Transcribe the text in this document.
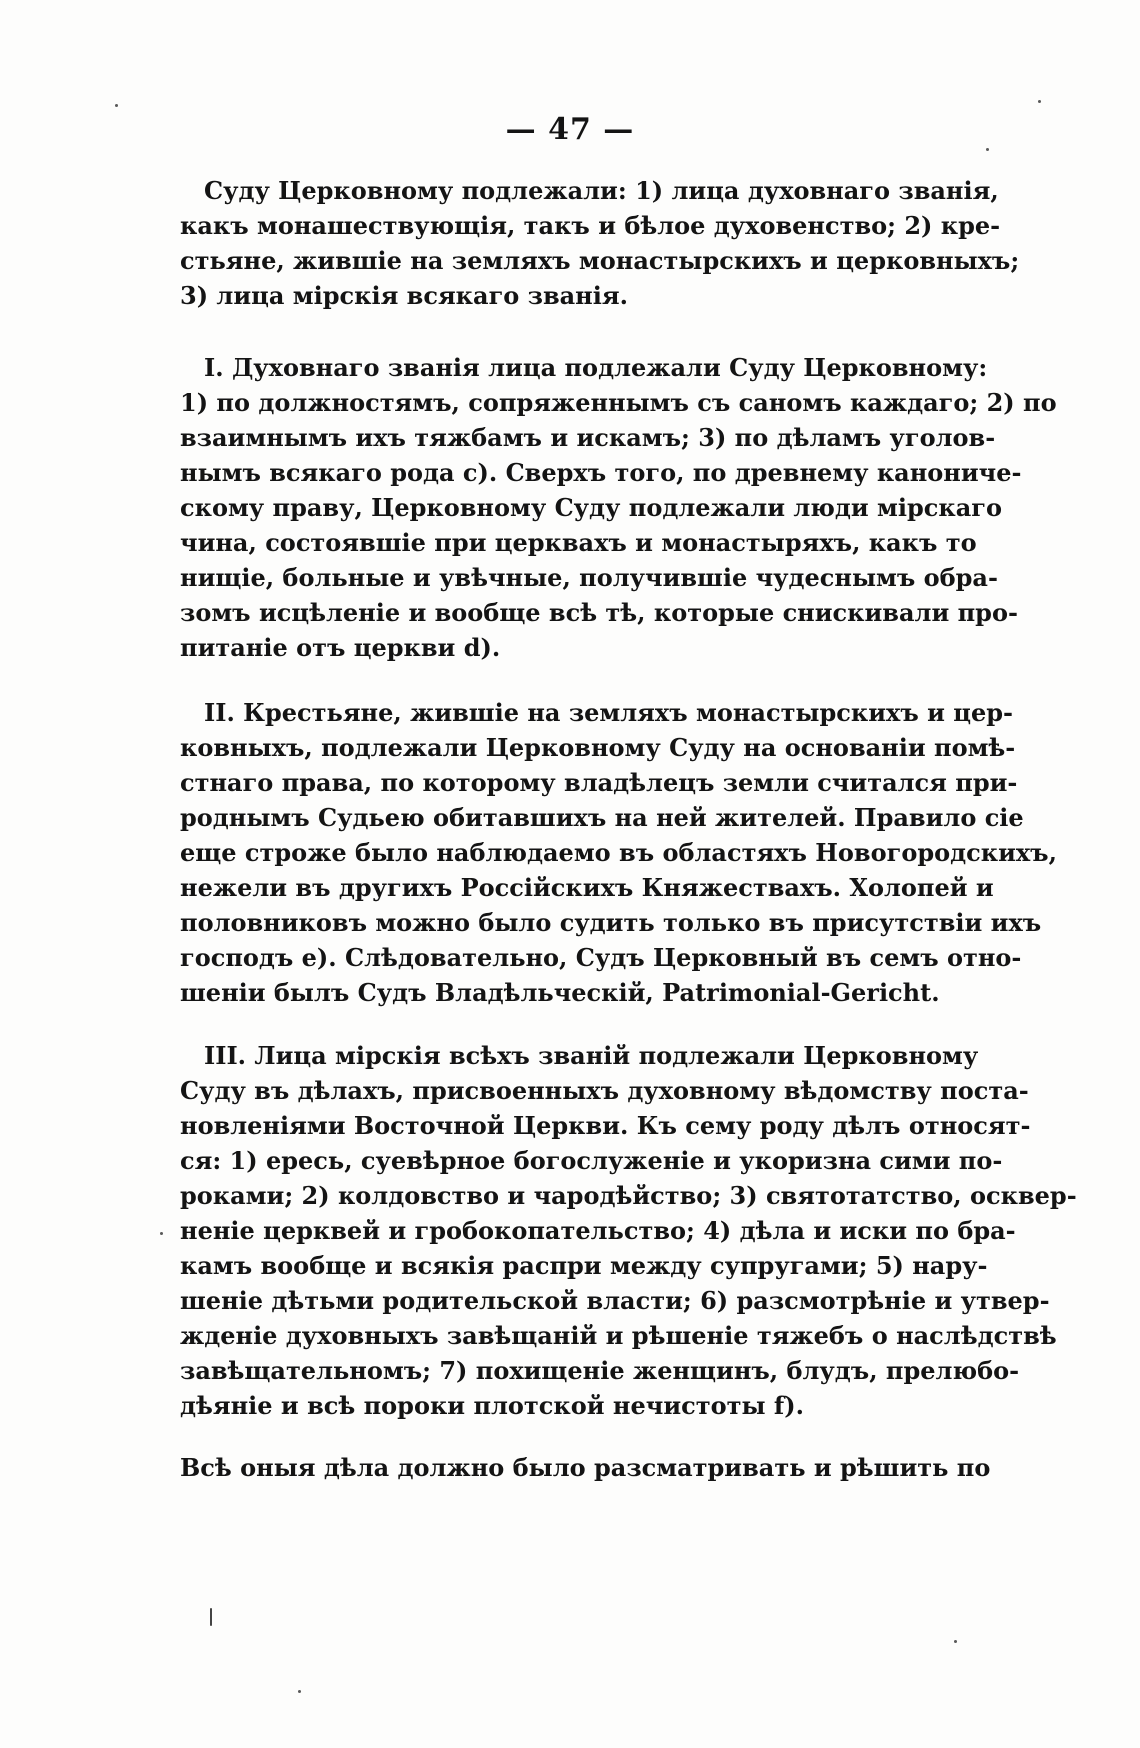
— 47 —
Суду Церковному подлежали: 1) лица духовнаго званія,
какъ монашествующія, такъ и бѣлое духовенство; 2) кре-
стьяне, жившіе на земляхъ монастырскихъ и церковныхъ;
3) лица мірскія всякаго званія.
I. Духовнаго званія лица подлежали Суду Церковному:
1) по должностямъ, сопряженнымъ съ саномъ каждаго; 2) по
взаимнымъ ихъ тяжбамъ и искамъ; 3) по дѣламъ уголов-
нымъ всякаго рода c). Сверхъ того, по древнему канониче-
скому праву, Церковному Суду подлежали люди мірскаго
чина, состоявшіе при церквахъ и монастыряхъ, какъ то
нищіе, больные и увѣчные, получившіе чудеснымъ обра-
зомъ исцѣленіе и вообще всѣ тѣ, которые снискивали про-
питаніе отъ церкви d).
II. Крестьяне, жившіе на земляхъ монастырскихъ и цер-
ковныхъ, подлежали Церковному Суду на основаніи помѣ-
стнаго права, по которому владѣлецъ земли считался при-
роднымъ Судьею обитавшихъ на ней жителей. Правило сіе
еще строже было наблюдаемо въ областяхъ Новогородскихъ,
нежели въ другихъ Россійскихъ Княжествахъ. Холопей и
половниковъ можно было судить только въ присутствіи ихъ
господъ e). Слѣдовательно, Судъ Церковный въ семъ отно-
шеніи былъ Судъ Владѣльческій, Patrimonial-Gericht.
III. Лица мірскія всѣхъ званій подлежали Церковному
Суду въ дѣлахъ, присвоенныхъ духовному вѣдомству поста-
новленіями Восточной Церкви. Къ сему роду дѣлъ относят-
ся: 1) ересь, суевѣрное богослуженіе и укоризна сими по-
роками; 2) колдовство и чародѣйство; 3) святотатство, осквер-
неніе церквей и гробокопательство; 4) дѣла и иски по бра-
камъ вообще и всякія распри между супругами; 5) нару-
шеніе дѣтьми родительской власти; 6) разсмотрѣніе и утвер-
жденіе духовныхъ завѣщаній и рѣшеніе тяжебъ о наслѣдствѣ
завѣщательномъ; 7) похищеніе женщинъ, блудъ, прелюбо-
дѣяніе и всѣ пороки плотской нечистоты f).
Всѣ оныя дѣла должно было разсматривать и рѣшить по
